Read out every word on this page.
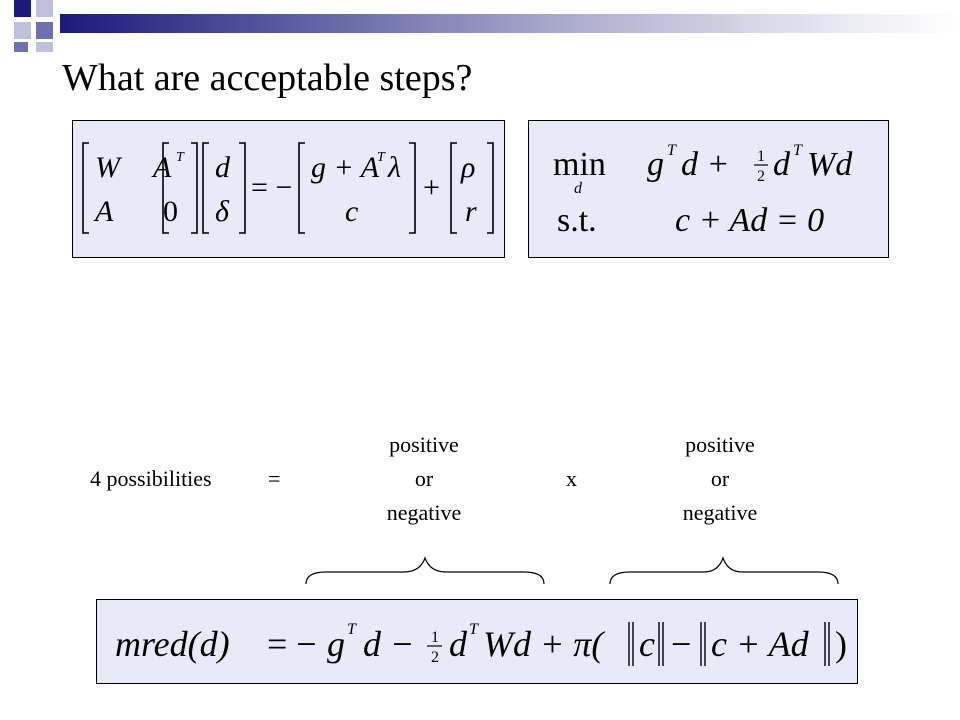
What are acceptable steps?
W A T
A 0
d
δ
= −
g + A
T λ
c
+
ρ
r
min
d
g T d + 1
2 d T Wd
s.t. c + Ad = 0
4 possibilities	=
positive
or
negative
x
positive
or
negative
mred(d) = − g T d − 1
2 d T Wd + π( c − c + Ad )
